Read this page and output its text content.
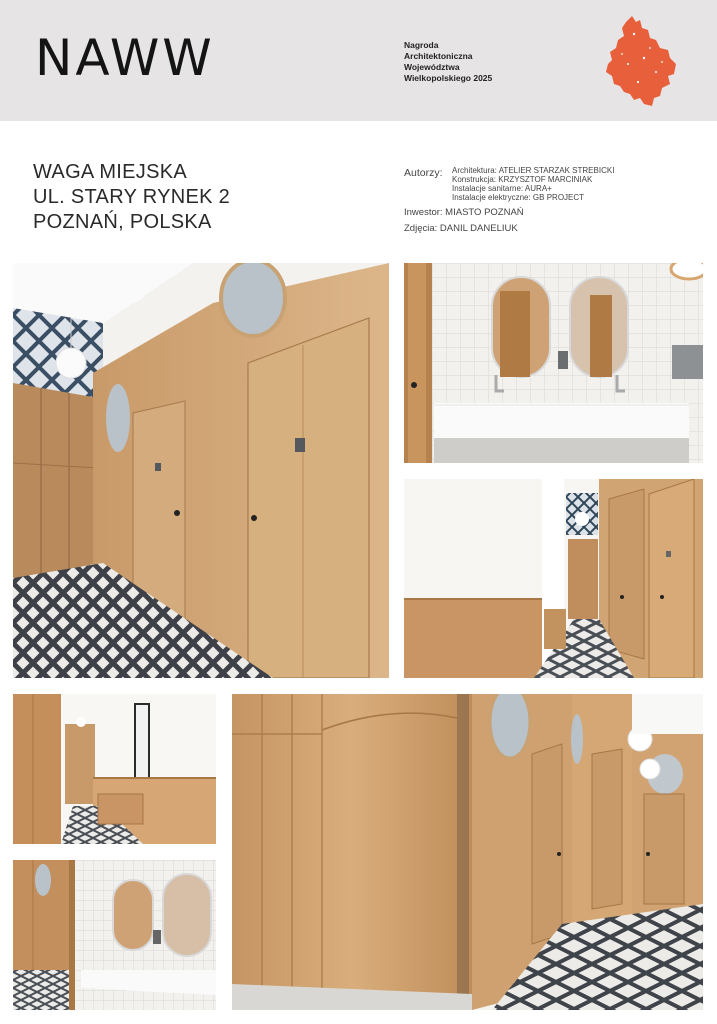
NAWW	Nagroda
Architektoniczna
Województwa
Wielkopolskiego 2025
WAGA MIEJSKA
UL. STARY RYNEK 2
POZNAŃ, POLSKA
Autorzy: Architektura: ATELIER STARZAK STREBICKI
Konstrukcja: KRZYSZTOF MARCINIAK
Instalacje sanitarne: AURA+
Instalacje elektryczne: GB PROJECT
Inwestor: MIASTO POZNAŃ
Zdjęcia: DANIL DANELIUK
